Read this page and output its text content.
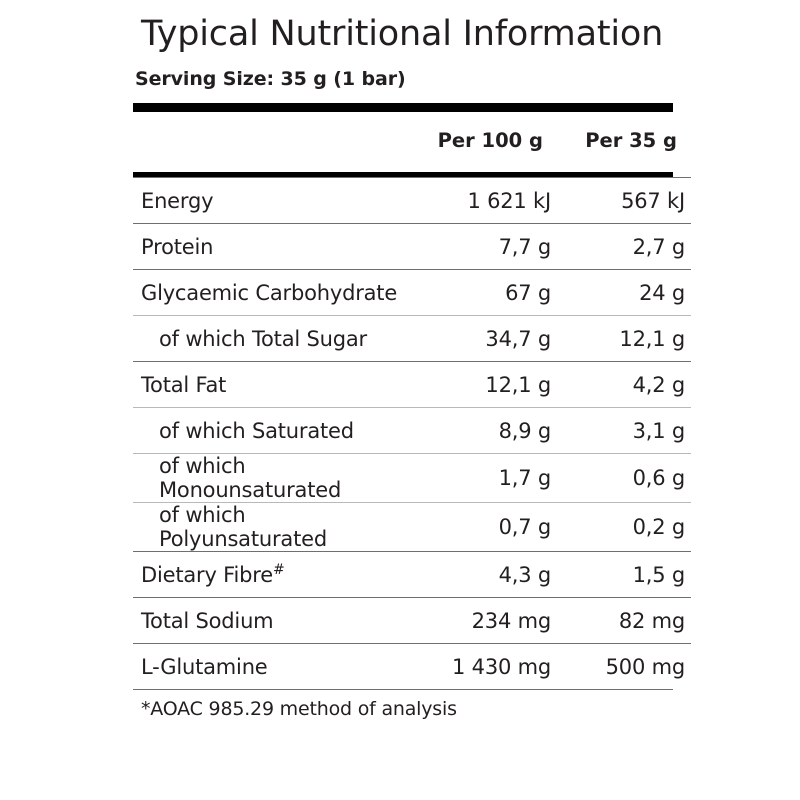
Typical Nutritional Information
Serving Size: 35 g (1 bar)
	Per 100 g	Per 35 g
Energy	1 621 kJ	567 kJ
Protein	7,7 g	2,7 g
Glycaemic Carbohydrate	67 g	24 g
of which Total Sugar	34,7 g	12,1 g
Total Fat	12,1 g	4,2 g
of which Saturated	8,9 g	3,1 g
of which Monounsaturated	1,7 g	0,6 g
of which Polyunsaturated	0,7 g	0,2 g
Dietary Fibre#	4,3 g	1,5 g
Total Sodium	234 mg	82 mg
L-Glutamine	1 430 mg	500 mg
*AOAC 985.29 method of analysis
